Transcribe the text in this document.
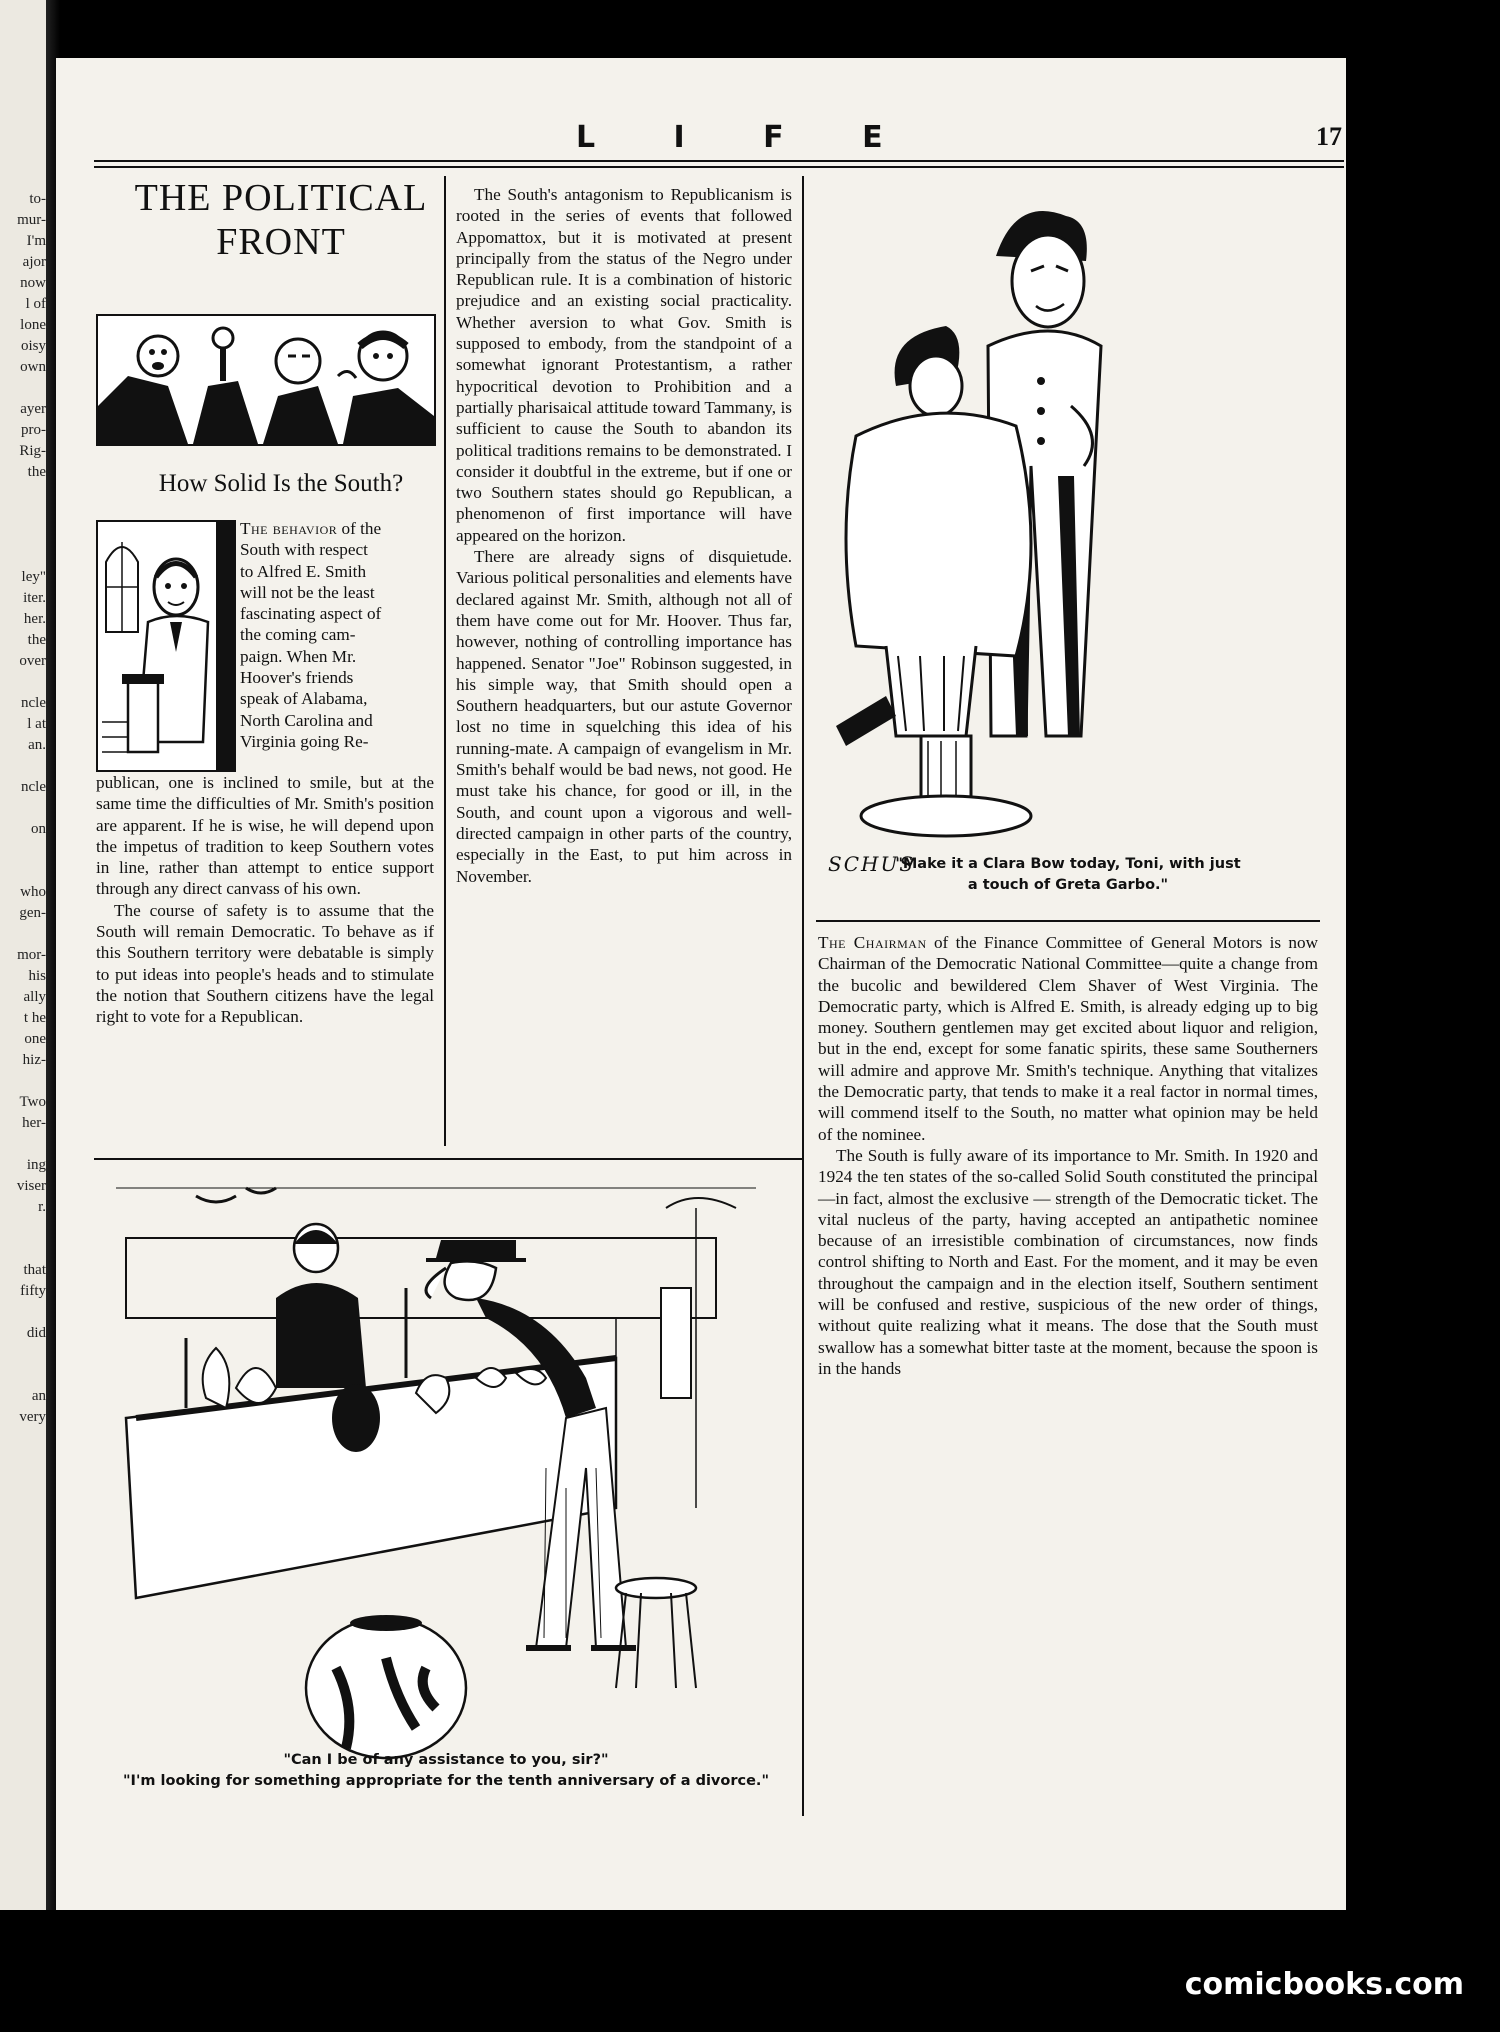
to-
mur-
I'm
ajor
now
l of
lone
oisy
own
ayer
pro-
Rig-
the
ley"
iter.
her.
the
over
ncle
l at
an.
ncle
on
who
gen-
mor-
his
ally
t he
one
hiz-
Two
her-
ing
viser
r.
that
fifty
did
an
very
L I F E	17
THE POLITICAL
FRONT
How Solid Is the South?
The behavior of the
South with respect
to Alfred E. Smith
will not be the least
fascinating aspect of
the coming cam-
paign. When Mr.
Hoover's friends
speak of Alabama,
North Carolina and
Virginia going Re-

publican, one is inclined to smile, but at the same time the difficulties of Mr. Smith's position are apparent. If he is wise, he will depend upon the impetus of tradition to keep Southern votes in line, rather than attempt to entice support through any direct canvass of his own.

The course of safety is to assume that the South will remain Democratic. To behave as if this Southern territory were debatable is simply to put ideas into people's heads and to stimulate the notion that Southern citizens have the legal right to vote for a Republican.

The South's antagonism to Republicanism is rooted in the series of events that followed Appomattox, but it is motivated at present principally from the status of the Negro under Republican rule. It is a combination of historic prejudice and an existing social practicality. Whether aversion to what Gov. Smith is supposed to embody, from the standpoint of a somewhat ignorant Protestantism, a rather hypocritical devotion to Prohibition and a partially pharisaical attitude toward Tammany, is sufficient to cause the South to abandon its political traditions remains to be demonstrated. I consider it doubtful in the extreme, but if one or two Southern states should go Republican, a phenomenon of first importance will have appeared on the horizon.

There are already signs of disquietude. Various political personalities and elements have declared against Mr. Smith, although not all of them have come out for Mr. Hoover. Thus far, however, nothing of controlling importance has happened. Senator "Joe" Robinson suggested, in his simple way, that Smith should open a Southern headquarters, but our astute Governor lost no time in squelching this idea of his running-mate. A campaign of evangelism in Mr. Smith's behalf would be bad news, not good. He must take his chance, for good or ill, in the South, and count upon a vigorous and well-directed campaign in other parts of the country, especially in the East, to put him across in November.	SCHUS
"Make it a Clara Bow today, Toni, with just
a touch of Greta Garbo."

The Chairman of the Finance Committee of General Motors is now Chairman of the Democratic National Committee—quite a change from the bucolic and bewildered Clem Shaver of West Virginia. The Democratic party, which is Alfred E. Smith, is already edging up to big money. Southern gentlemen may get excited about liquor and religion, but in the end, except for some fanatic spirits, these same Southerners will admire and approve Mr. Smith's technique. Anything that vitalizes the Democratic party, that tends to make it a real factor in normal times, will commend itself to the South, no matter what opinion may be held of the nominee.

The South is fully aware of its importance to Mr. Smith. In 1920 and 1924 the ten states of the so-called Solid South constituted the principal—in fact, almost the exclusive — strength of the Democratic ticket. The vital nucleus of the party, having accepted an antipathetic nominee because of an irresistible combination of circumstances, now finds control shifting to North and East. For the moment, and it may be even throughout the campaign and in the election itself, Southern sentiment will be confused and restive, suspicious of the new order of things, without quite realizing what it means. The dose that the South must swallow has a somewhat bitter taste at the moment, because the spoon is in the hands

"Can I be of any assistance to you, sir?"
"I'm looking for something appropriate for the tenth anniversary of a divorce."
comicbooks.com
